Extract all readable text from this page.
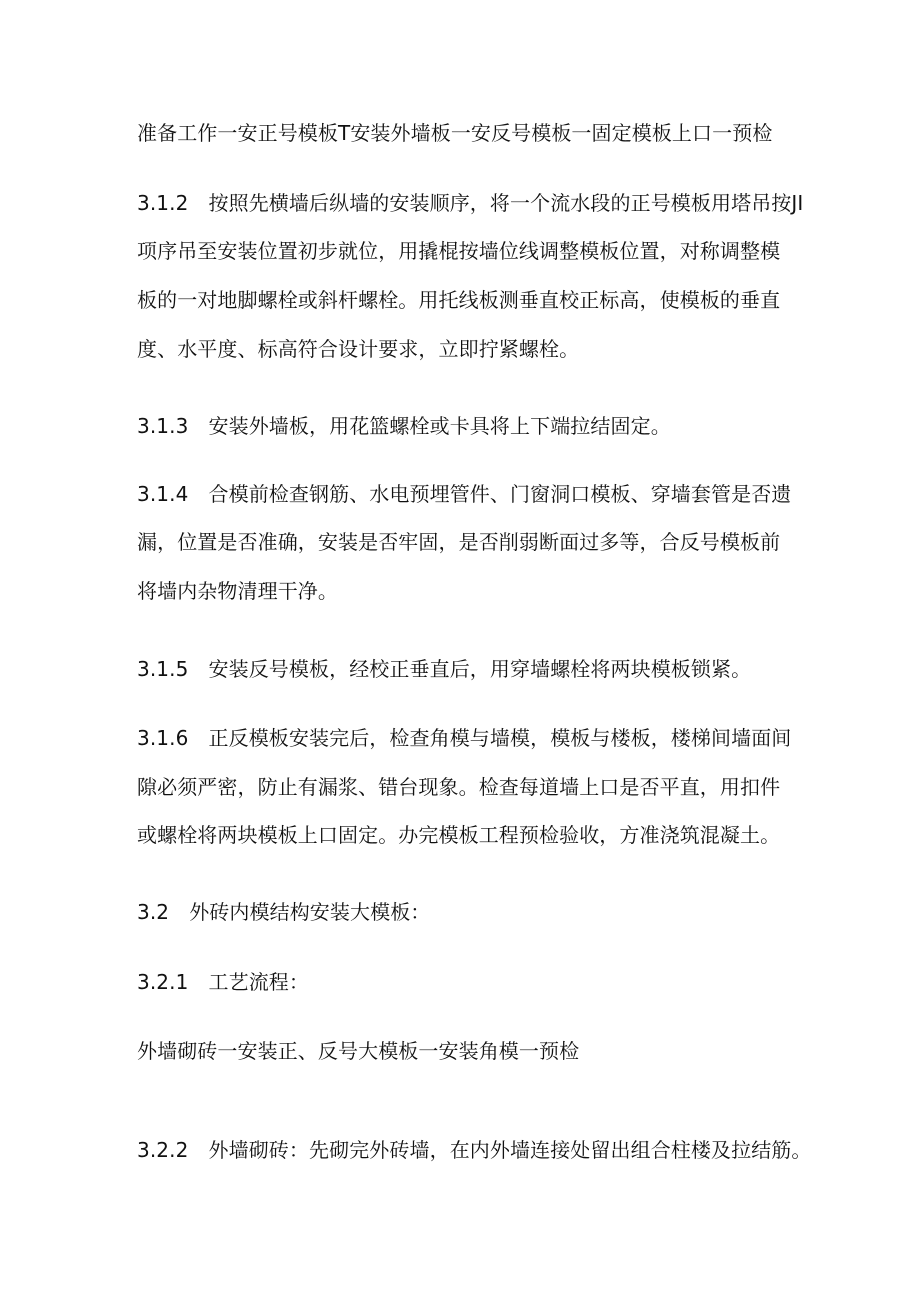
准备工作一安正号模板T安装外墙板一安反号模板一固定模板上口一预检
3.1.2　按照先横墙后纵墙的安装顺序，将一个流水段的正号模板用塔吊按JI
项序吊至安装位置初步就位，用撬棍按墙位线调整模板位置，对称调整模
板的一对地脚螺栓或斜杆螺栓。用托线板测垂直校正标高，使模板的垂直
度、水平度、标高符合设计要求，立即拧紧螺栓。
3.1.3　安装外墙板，用花篮螺栓或卡具将上下端拉结固定。
3.1.4　合模前检查钢筋、水电预埋管件、门窗洞口模板、穿墙套管是否遗
漏，位置是否准确，安装是否牢固，是否削弱断面过多等，合反号模板前
将墙内杂物清理干净。
3.1.5　安装反号模板，经校正垂直后，用穿墙螺栓将两块模板锁紧。
3.1.6　正反模板安装完后，检查角模与墙模，模板与楼板，楼梯间墙面间
隙必须严密，防止有漏浆、错台现象。检查每道墙上口是否平直，用扣件
或螺栓将两块模板上口固定。办完模板工程预检验收，方准浇筑混凝土。
3.2　外砖内模结构安装大模板：
3.2.1　工艺流程：
外墙砌砖一安装正、反号大模板一安装角模一预检
3.2.2　外墙砌砖：先砌完外砖墙，在内外墙连接处留出组合柱楼及拉结筋。
